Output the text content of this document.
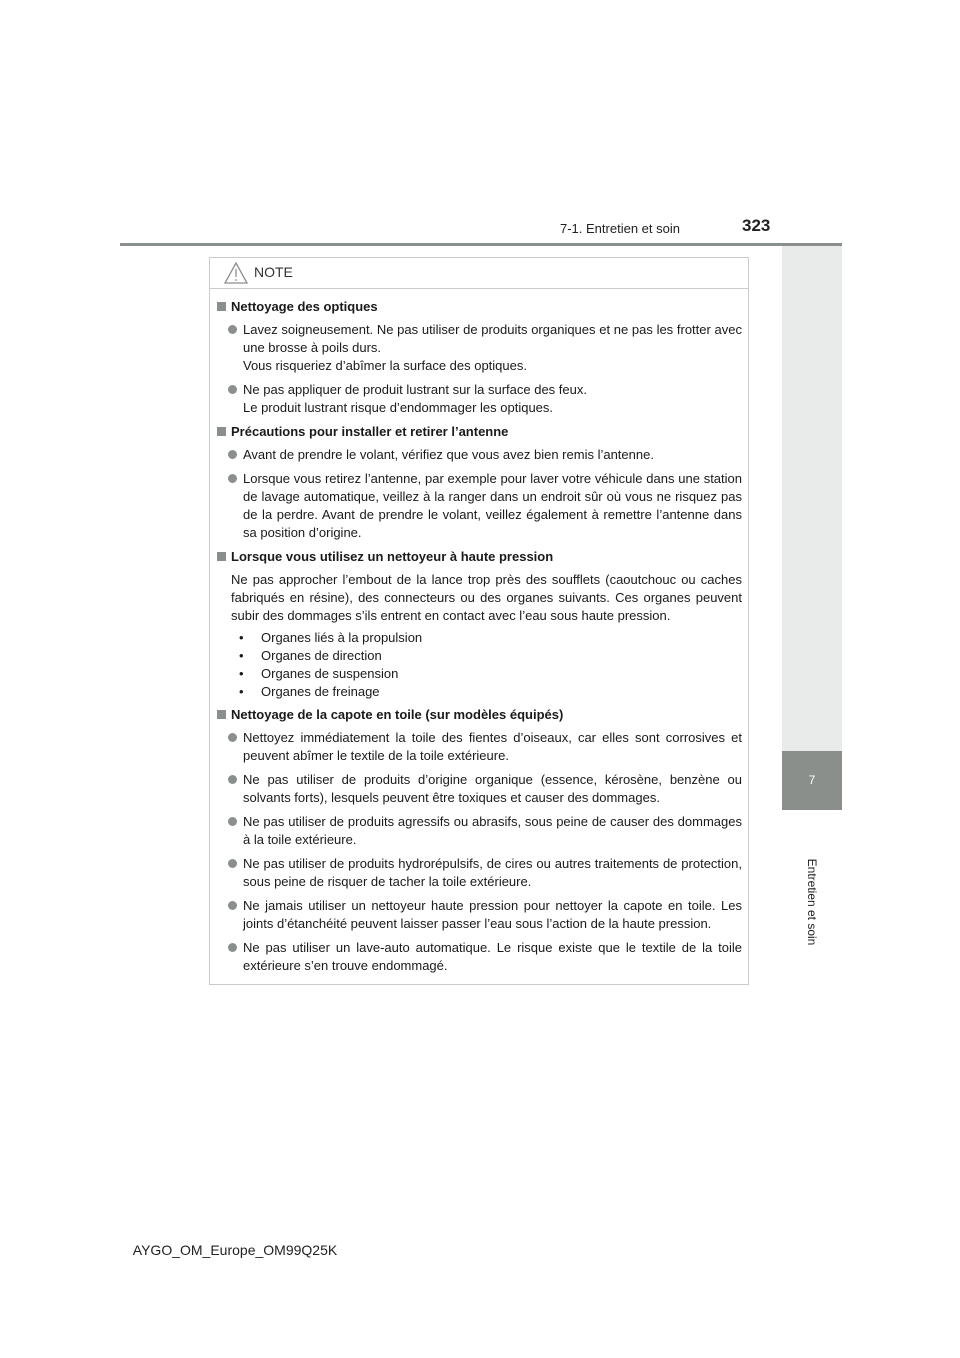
7-1. Entretien et soin	323
7
Entretien et soin
NOTE
Nettoyage des optiques
Lavez soigneusement. Ne pas utiliser de produits organiques et ne pas les frotter avec une brosse à poils durs.
Vous risqueriez d’abîmer la surface des optiques.
Ne pas appliquer de produit lustrant sur la surface des feux.
Le produit lustrant risque d’endommager les optiques.
Précautions pour installer et retirer l’antenne
Avant de prendre le volant, vérifiez que vous avez bien remis l’antenne.
Lorsque vous retirez l’antenne, par exemple pour laver votre véhicule dans une station de lavage automatique, veillez à la ranger dans un endroit sûr où vous ne risquez pas de la perdre. Avant de prendre le volant, veillez également à remettre l’antenne dans sa position d’origine.
Lorsque vous utilisez un nettoyeur à haute pression
Ne pas approcher l’embout de la lance trop près des soufflets (caoutchouc ou caches fabriqués en résine), des connecteurs ou des organes suivants. Ces organes peuvent subir des dommages s’ils entrent en contact avec l’eau sous haute pression.
•	Organes liés à la propulsion
•	Organes de direction
•	Organes de suspension
•	Organes de freinage
Nettoyage de la capote en toile (sur modèles équipés)
Nettoyez immédiatement la toile des fientes d’oiseaux, car elles sont corrosives et peuvent abîmer le textile de la toile extérieure.
Ne pas utiliser de produits d’origine organique (essence, kérosène, benzène ou solvants forts), lesquels peuvent être toxiques et causer des dommages.
Ne pas utiliser de produits agressifs ou abrasifs, sous peine de causer des dommages à la toile extérieure.
Ne pas utiliser de produits hydrorépulsifs, de cires ou autres traitements de protection, sous peine de risquer de tacher la toile extérieure.
Ne jamais utiliser un nettoyeur haute pression pour nettoyer la capote en toile. Les joints d’étanchéité peuvent laisser passer l’eau sous l’action de la haute pression.
Ne pas utiliser un lave-auto automatique. Le risque existe que le textile de la toile extérieure s’en trouve endommagé.
AYGO_OM_Europe_OM99Q25K
